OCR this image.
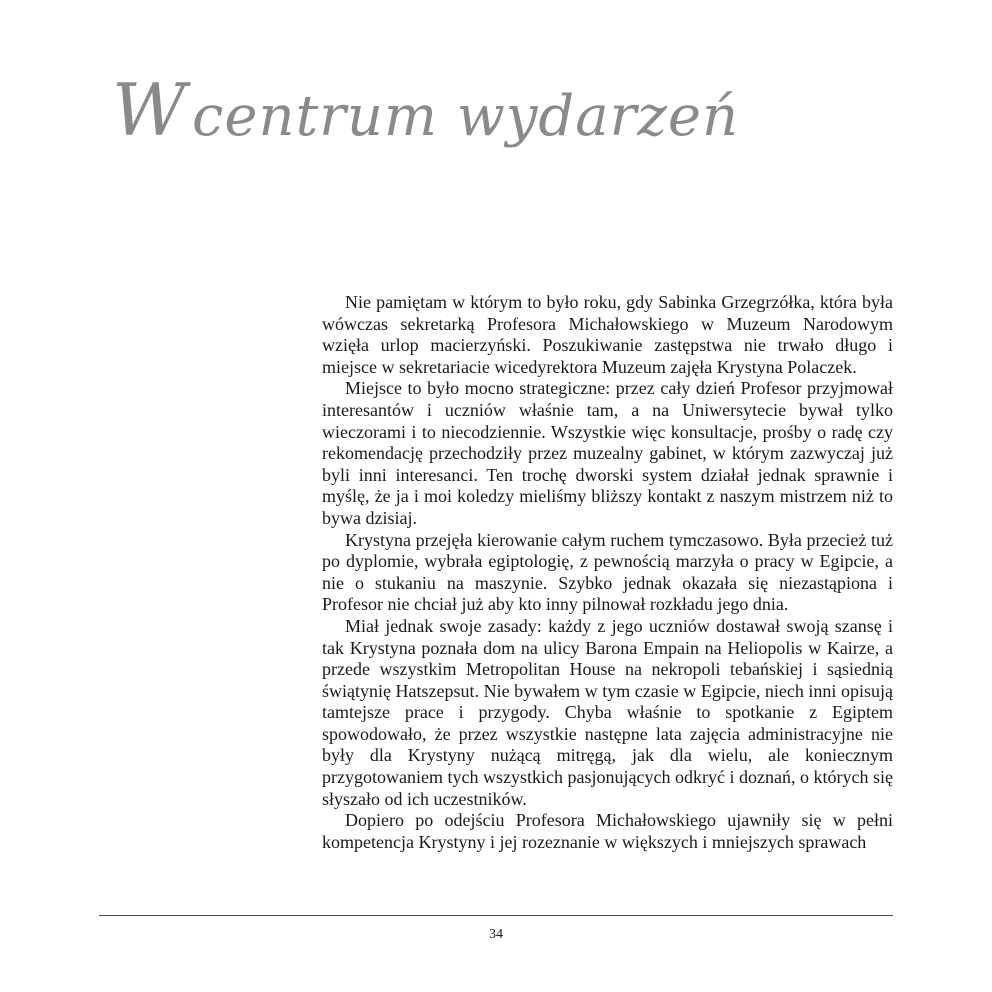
W centrum wydarzeń

Nie pamiętam w którym to było roku, gdy Sabinka Grzegrzółka, która była wówczas sekretarką Profesora Michałowskiego w Muzeum Narodowym wzięła urlop macierzyński. Poszukiwanie zastępstwa nie trwało długo i miejsce w sekretariacie wicedyrektora Muzeum zajęła Krystyna Polaczek.

Miejsce to było mocno strategiczne: przez cały dzień Profesor przyjmował interesantów i uczniów właśnie tam, a na Uniwersytecie bywał tylko wieczorami i to niecodziennie. Wszystkie więc konsultacje, prośby o radę czy rekomendację przechodziły przez muzealny gabinet, w którym zazwyczaj już byli inni interesanci. Ten trochę dworski system działał jednak sprawnie i myślę, że ja i moi koledzy mieliśmy bliższy kontakt z naszym mistrzem niż to bywa dzisiaj.

Krystyna przejęła kierowanie całym ruchem tymczasowo. Była przecież tuż po dyplomie, wybrała egiptologię, z pewnością marzyła o pracy w Egipcie, a nie o stukaniu na maszynie. Szybko jednak okazała się niezastąpiona i Profesor nie chciał już aby kto inny pilnował rozkładu jego dnia.

Miał jednak swoje zasady: każdy z jego uczniów dostawał swoją szansę i tak Krystyna poznała dom na ulicy Barona Empain na Heliopolis w Kairze, a przede wszystkim Metropolitan House na nekropoli tebańskiej i sąsiednią świątynię Hatszepsut. Nie bywałem w tym czasie w Egipcie, niech inni opisują tamtejsze prace i przygody. Chyba właśnie to spotkanie z Egiptem spowodowało, że przez wszystkie następne lata zajęcia administracyjne nie były dla Krystyny nużącą mitręgą, jak dla wielu, ale koniecznym przygotowaniem tych wszystkich pasjonujących odkryć i doznań, o których się słyszało od ich uczestników.

Dopiero po odejściu Profesora Michałowskiego ujawniły się w pełni kompetencja Krystyny i jej rozeznanie w większych i mniejszych sprawach

34
